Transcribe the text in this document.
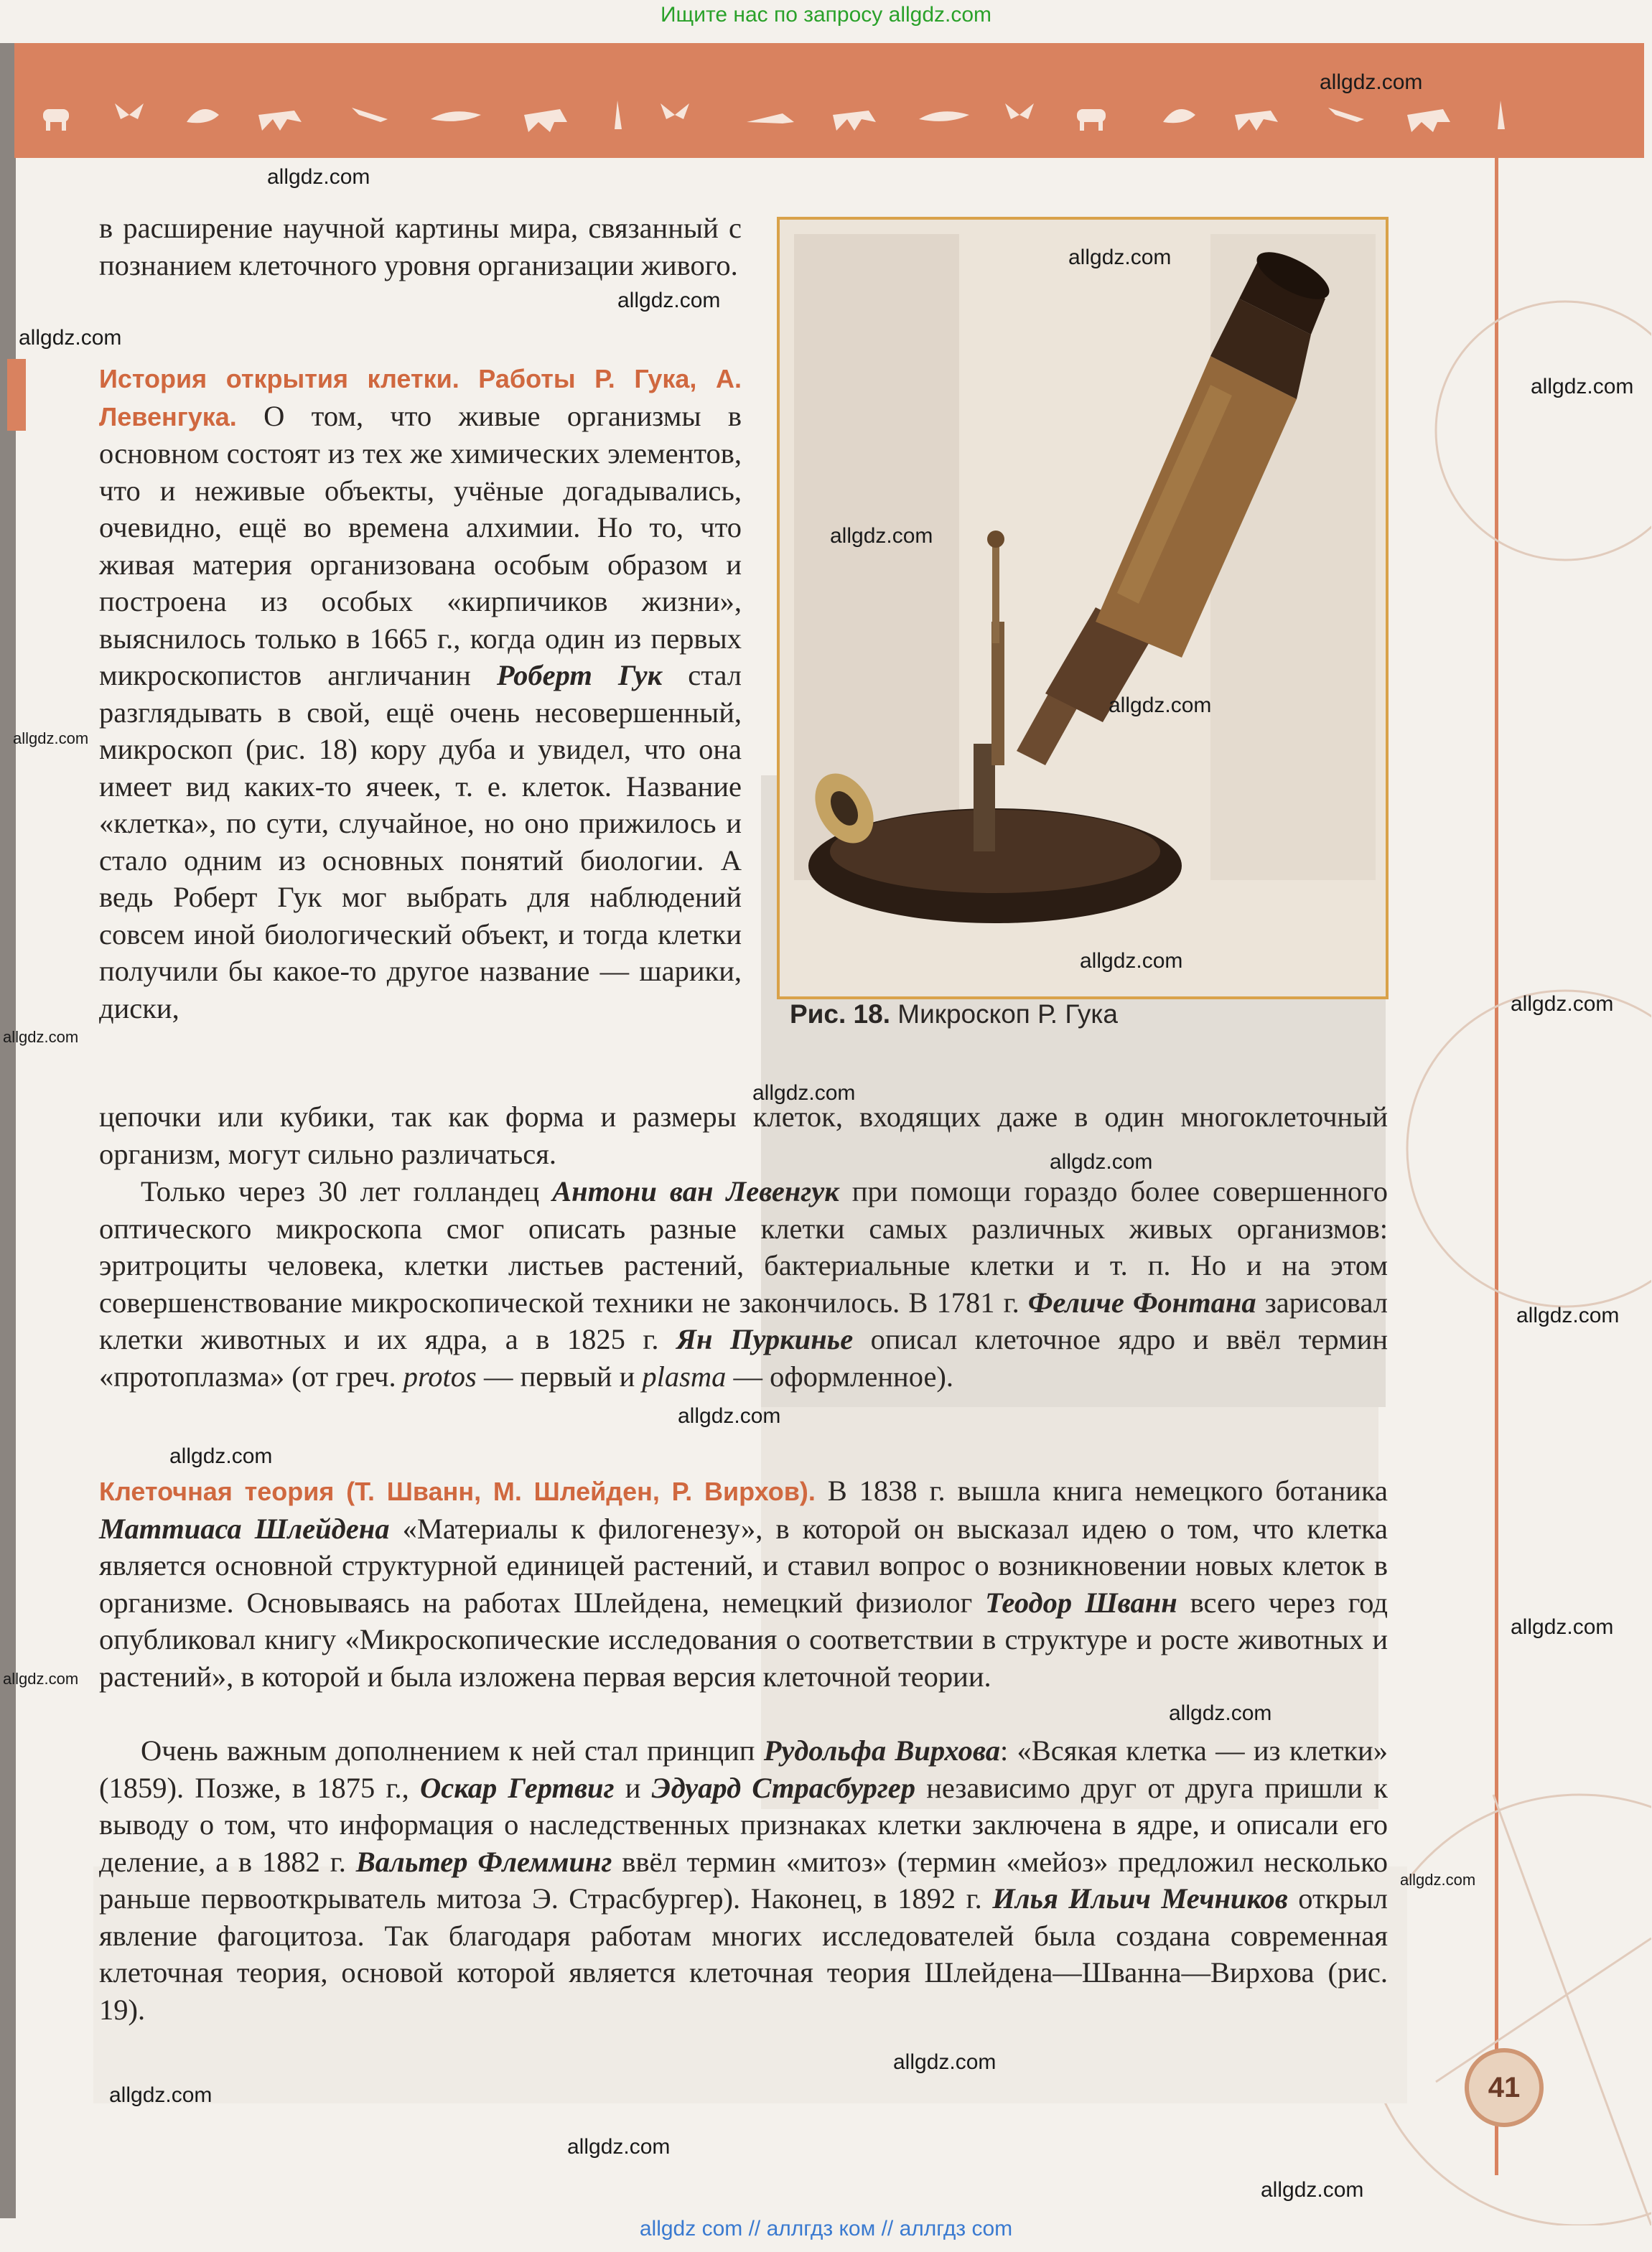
Ищите нас по запросу allgdz.com
Рис. 18. Микроскоп Р. Гука

в расширение научной картины мира, связанный с познанием клеточного уровня организации живого.

История открытия клетки. Работы Р. Гука, А. Левенгука. О том, что живые организмы в основном состоят из тех же химических элементов, что и неживые объекты, учёные догадывались, очевидно, ещё во времена алхимии. Но то, что живая материя организована особым образом и построена из особых «кирпичиков жизни», выяснилось только в 1665 г., когда один из первых микроскопистов англичанин Роберт Гук стал разглядывать в свой, ещё очень несовершенный, микроскоп (рис. 18) кору дуба и увидел, что она имеет вид каких-то ячеек, т. е. клеток. Название «клетка», по сути, случайное, но оно прижилось и стало одним из основных понятий биологии. А ведь Роберт Гук мог выбрать для наблюдений совсем иной биологический объект, и тогда клетки получили бы какое-то другое название — шарики, диски,

цепочки или кубики, так как форма и размеры клеток, входящих даже в один многоклеточный организм, могут сильно различаться.

Только через 30 лет голландец Антони ван Левенгук при помощи гораздо более совершенного оптического микроскопа смог описать разные клетки самых различных живых организмов: эритроциты человека, клетки листьев растений, бактериальные клетки и т. п. Но и на этом совершенствование микроскопической техники не закончилось. В 1781 г. Феличе Фонтана зарисовал клетки животных и их ядра, а в 1825 г. Ян Пуркинье описал клеточное ядро и ввёл термин «протоплазма» (от греч. protos — первый и plasma — оформленное).

Клеточная теория (Т. Шванн, М. Шлейден, Р. Вирхов). В 1838 г. вышла книга немецкого ботаника Маттиаса Шлейдена «Материалы к филогенезу», в которой он высказал идею о том, что клетка является основной структурной единицей растений, и ставил вопрос о возникновении новых клеток в организме. Основываясь на работах Шлейдена, немецкий физиолог Теодор Шванн всего через год опубликовал книгу «Микроскопические исследования о соответствии в структуре и росте животных и растений», в которой и была изложена первая версия клеточной теории.

Очень важным дополнением к ней стал принцип Рудольфа Вирхова: «Всякая клетка — из клетки» (1859). Позже, в 1875 г., Оскар Гертвиг и Эдуард Страсбургер независимо друг от друга пришли к выводу о том, что информация о наследственных признаках клетки заключена в ядре, и описали его деление, а в 1882 г. Вальтер Флемминг ввёл термин «митоз» (термин «мейоз» предложил несколько раньше первооткрыватель митоза Э. Страсбургер). Наконец, в 1892 г. Илья Ильич Мечников открыл явление фагоцитоза. Так благодаря работам многих исследователей была создана современная клеточная теория, основой которой является клеточная теория Шлейдена—Шванна—Вирхова (рис. 19).

41
allgdz.com
allgdz.com
allgdz.com
allgdz.com
allgdz.com
allgdz.com
allgdz.com
allgdz.com
allgdz.com
allgdz.com
allgdz.com
allgdz.com
allgdz.com
allgdz.com
allgdz.com
allgdz.com
allgdz.com
allgdz.com
allgdz.com
allgdz.com
allgdz.com
allgdz.com
allgdz.com
allgdz.com
allgdz.com
allgdz com // аллгдз ком // аллгдз com
